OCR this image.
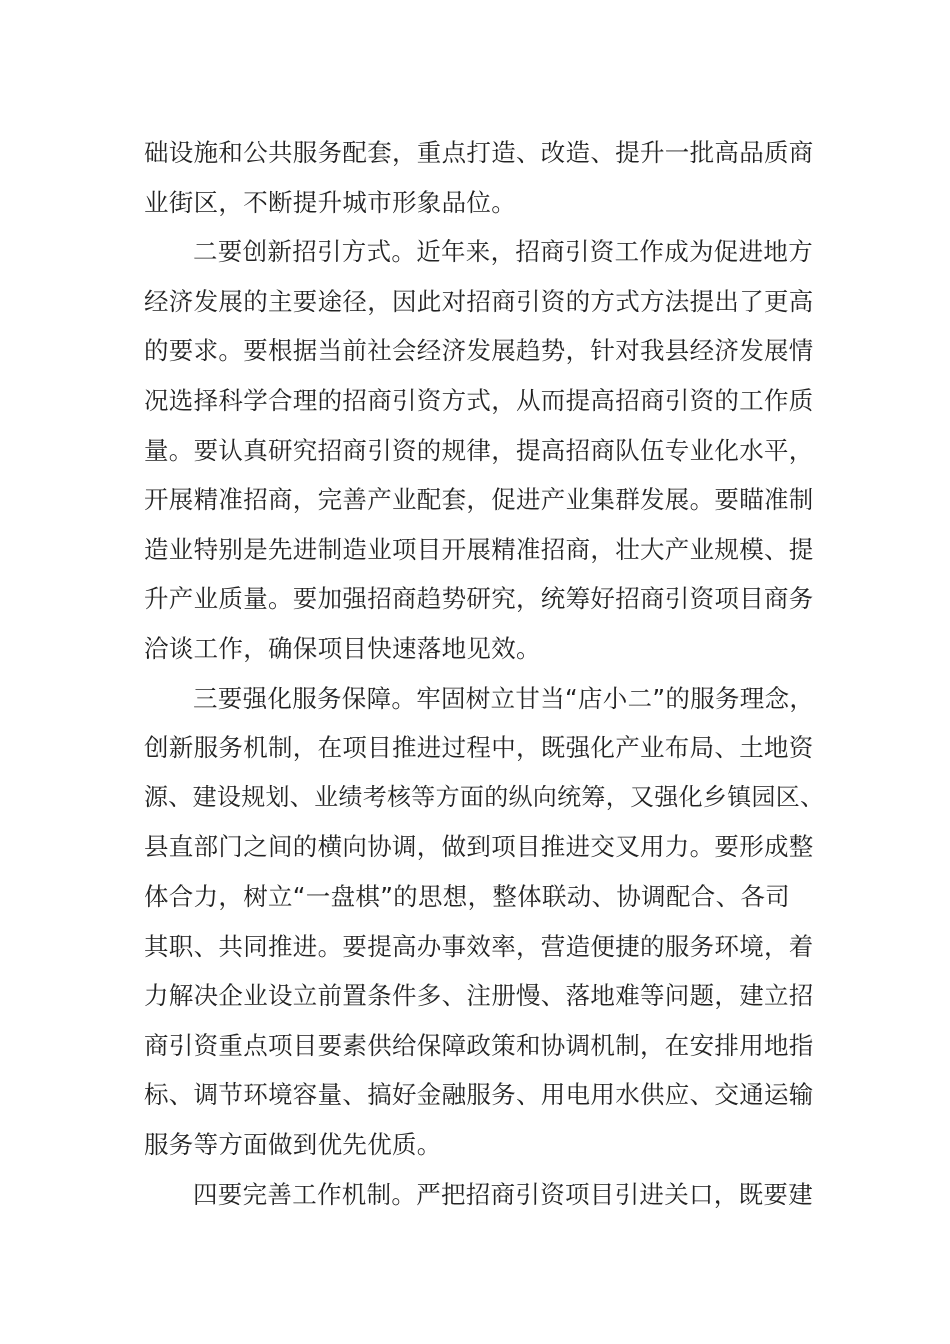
础设施和公共服务配套，重点打造、改造、提升一批高品质商
业街区，不断提升城市形象品位。
二要创新招引方式。近年来，招商引资工作成为促进地方
经济发展的主要途径，因此对招商引资的方式方法提出了更高
的要求。要根据当前社会经济发展趋势，针对我县经济发展情
况选择科学合理的招商引资方式，从而提高招商引资的工作质
量。要认真研究招商引资的规律，提高招商队伍专业化水平，
开展精准招商，完善产业配套，促进产业集群发展。要瞄准制
造业特别是先进制造业项目开展精准招商，壮大产业规模、提
升产业质量。要加强招商趋势研究，统筹好招商引资项目商务
洽谈工作，确保项目快速落地见效。
三要强化服务保障。牢固树立甘当“店小二”的服务理念，
创新服务机制，在项目推进过程中，既强化产业布局、土地资
源、建设规划、业绩考核等方面的纵向统筹，又强化乡镇园区、
县直部门之间的横向协调，做到项目推进交叉用力。要形成整
体合力，树立“一盘棋”的思想，整体联动、协调配合、各司
其职、共同推进。要提高办事效率，营造便捷的服务环境，着
力解决企业设立前置条件多、注册慢、落地难等问题，建立招
商引资重点项目要素供给保障政策和协调机制，在安排用地指
标、调节环境容量、搞好金融服务、用电用水供应、交通运输
服务等方面做到优先优质。
四要完善工作机制。严把招商引资项目引进关口，既要建
